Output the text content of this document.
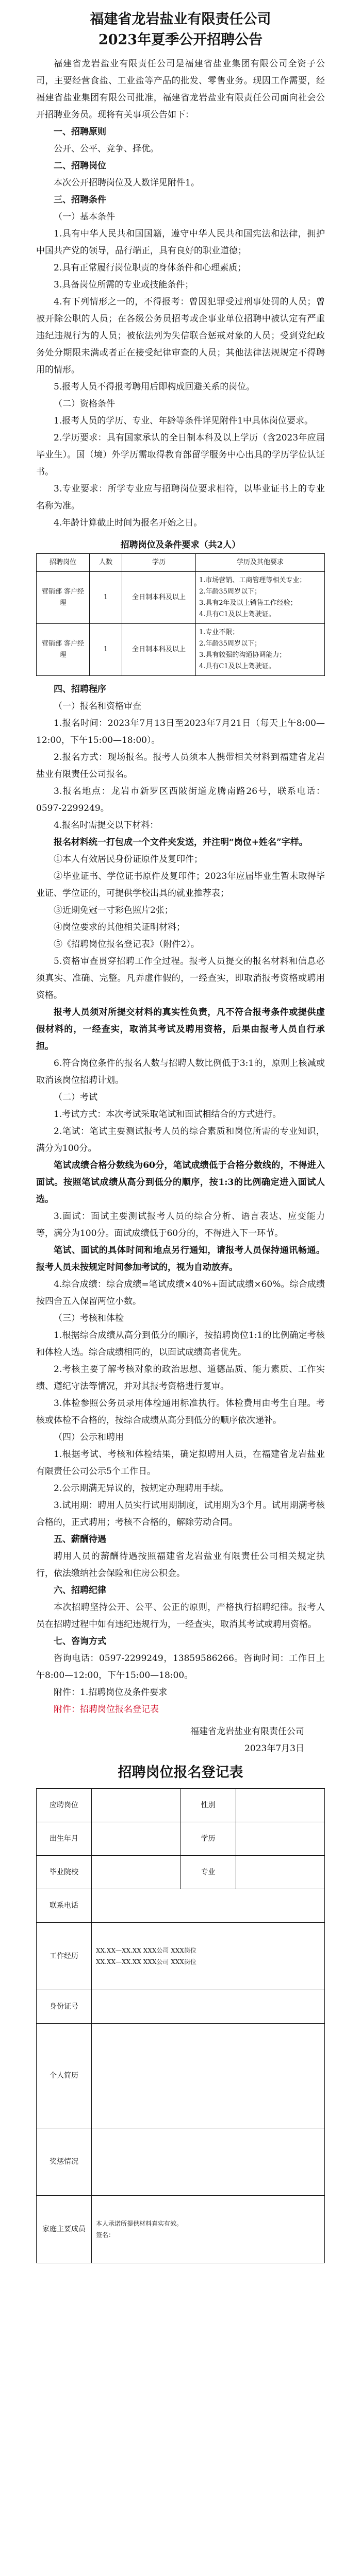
福建省龙岩盐业有限责任公司

2023年夏季公开招聘公告

福建省龙岩盐业有限责任公司是福建省盐业集团有限公司全资子公司，主要经营食盐、工业盐等产品的批发、零售业务。现因工作需要，经福建省盐业集团有限公司批准，福建省龙岩盐业有限责任公司面向社会公开招聘业务员。现将有关事项公告如下：

一、招聘原则

公开、公平、竞争、择优。

二、招聘岗位

本次公开招聘岗位及人数详见附件1。

三、招聘条件

（一）基本条件

1.具有中华人民共和国国籍，遵守中华人民共和国宪法和法律，拥护中国共产党的领导，品行端正，具有良好的职业道德；

2.具有正常履行岗位职责的身体条件和心理素质；

3.具备岗位所需的专业或技能条件；

4.有下列情形之一的，不得报考：曾因犯罪受过刑事处罚的人员；曾被开除公职的人员；在各级公务员招考或企事业单位招聘中被认定有严重违纪违规行为的人员；被依法列为失信联合惩戒对象的人员；受到党纪政务处分期限未满或者正在接受纪律审查的人员；其他法律法规规定不得聘用的情形。

5.报考人员不得报考聘用后即构成回避关系的岗位。

（二）资格条件

1.报考人员的学历、专业、年龄等条件详见附件1中具体岗位要求。

2.学历要求：具有国家承认的全日制本科及以上学历（含2023年应届毕业生）。国（境）外学历需取得教育部留学服务中心出具的学历学位认证书。

3.专业要求：所学专业应与招聘岗位要求相符，以毕业证书上的专业名称为准。

4.年龄计算截止时间为报名开始之日。

招聘岗位及条件要求（共2人）
招聘岗位	人数	学历	学历及其他要求
营销部 客户经理	1	全日制本科及以上	1.市场营销、工商管理等相关专业；
2.年龄35周岁以下；
3.具有2年及以上销售工作经验；
4.具有C1及以上驾驶证。
营销部 客户经理	1	全日制本科及以上	1.专业不限；
2.年龄35周岁以下；
3.具有较强的沟通协调能力；
4.具有C1及以上驾驶证。

四、招聘程序

（一）报名和资格审查

1.报名时间：2023年7月13日至2023年7月21日（每天上午8:00—12:00，下午15:00—18:00）。

2.报名方式：现场报名。报考人员须本人携带相关材料到福建省龙岩盐业有限责任公司报名。

3.报名地点：龙岩市新罗区西陂街道龙腾南路26号，联系电话：0597-2299249。

4.报名时需提交以下材料：

报名材料统一打包成一个文件夹发送，并注明“岗位+姓名”字样。

①本人有效居民身份证原件及复印件；

②毕业证书、学位证书原件及复印件；2023年应届毕业生暂未取得毕业证、学位证的，可提供学校出具的就业推荐表；

③近期免冠一寸彩色照片2张；

④岗位要求的其他相关证明材料；

⑤《招聘岗位报名登记表》（附件2）。

5.资格审查贯穿招聘工作全过程。报考人员提交的报名材料和信息必须真实、准确、完整。凡弄虚作假的，一经查实，即取消报考资格或聘用资格。

报考人员须对所提交材料的真实性负责，凡不符合报考条件或提供虚假材料的，一经查实，取消其考试及聘用资格，后果由报考人员自行承担。

6.符合岗位条件的报名人数与招聘人数比例低于3:1的，原则上核减或取消该岗位招聘计划。

（二）考试

1.考试方式：本次考试采取笔试和面试相结合的方式进行。

2.笔试：笔试主要测试报考人员的综合素质和岗位所需的专业知识，满分为100分。

笔试成绩合格分数线为60分，笔试成绩低于合格分数线的，不得进入面试。按照笔试成绩从高分到低分的顺序，按1:3的比例确定进入面试人选。

3.面试：面试主要测试报考人员的综合分析、语言表达、应变能力等，满分为100分。面试成绩低于60分的，不得进入下一环节。

笔试、面试的具体时间和地点另行通知，请报考人员保持通讯畅通。报考人员未按规定时间参加考试的，视为自动放弃。

4.综合成绩：综合成绩=笔试成绩×40%+面试成绩×60%。综合成绩按四舍五入保留两位小数。

（三）考核和体检

1.根据综合成绩从高分到低分的顺序，按招聘岗位1:1的比例确定考核和体检人选。综合成绩相同的，以面试成绩高者优先。

2.考核主要了解考核对象的政治思想、道德品质、能力素质、工作实绩、遵纪守法等情况，并对其报考资格进行复审。

3.体检参照公务员录用体检通用标准执行。体检费用由考生自理。考核或体检不合格的，按综合成绩从高分到低分的顺序依次递补。

（四）公示和聘用

1.根据考试、考核和体检结果，确定拟聘用人员，在福建省龙岩盐业有限责任公司公示5个工作日。

2.公示期满无异议的，按规定办理聘用手续。

3.试用期：聘用人员实行试用期制度，试用期为3个月。试用期满考核合格的，正式聘用；考核不合格的，解除劳动合同。

五、薪酬待遇

聘用人员的薪酬待遇按照福建省龙岩盐业有限责任公司相关规定执行，依法缴纳社会保险和住房公积金。

六、招聘纪律

本次招聘坚持公开、公平、公正的原则，严格执行招聘纪律。报考人员在招聘过程中如有违纪违规行为，一经查实，取消其考试或聘用资格。

七、咨询方式

咨询电话：0597-2299249，13859586266。咨询时间：工作日上午8:00—12:00，下午15:00—18:00。

附件：1.招聘岗位及条件要求

附件：招聘岗位报名登记表

福建省龙岩盐业有限责任公司

2023年7月3日

招聘岗位报名登记表

应聘岗位		性别	
出生年月		学历	
毕业院校		专业	
联系电话			
工作经历	XX.XX—XX.XX XXX公司 XXX岗位
XX.XX—XX.XX XXX公司 XXX岗位		
身份证号			
个人简历			
奖惩情况			
家庭主要成员	本人承诺所提供材料真实有效。
签名：		
